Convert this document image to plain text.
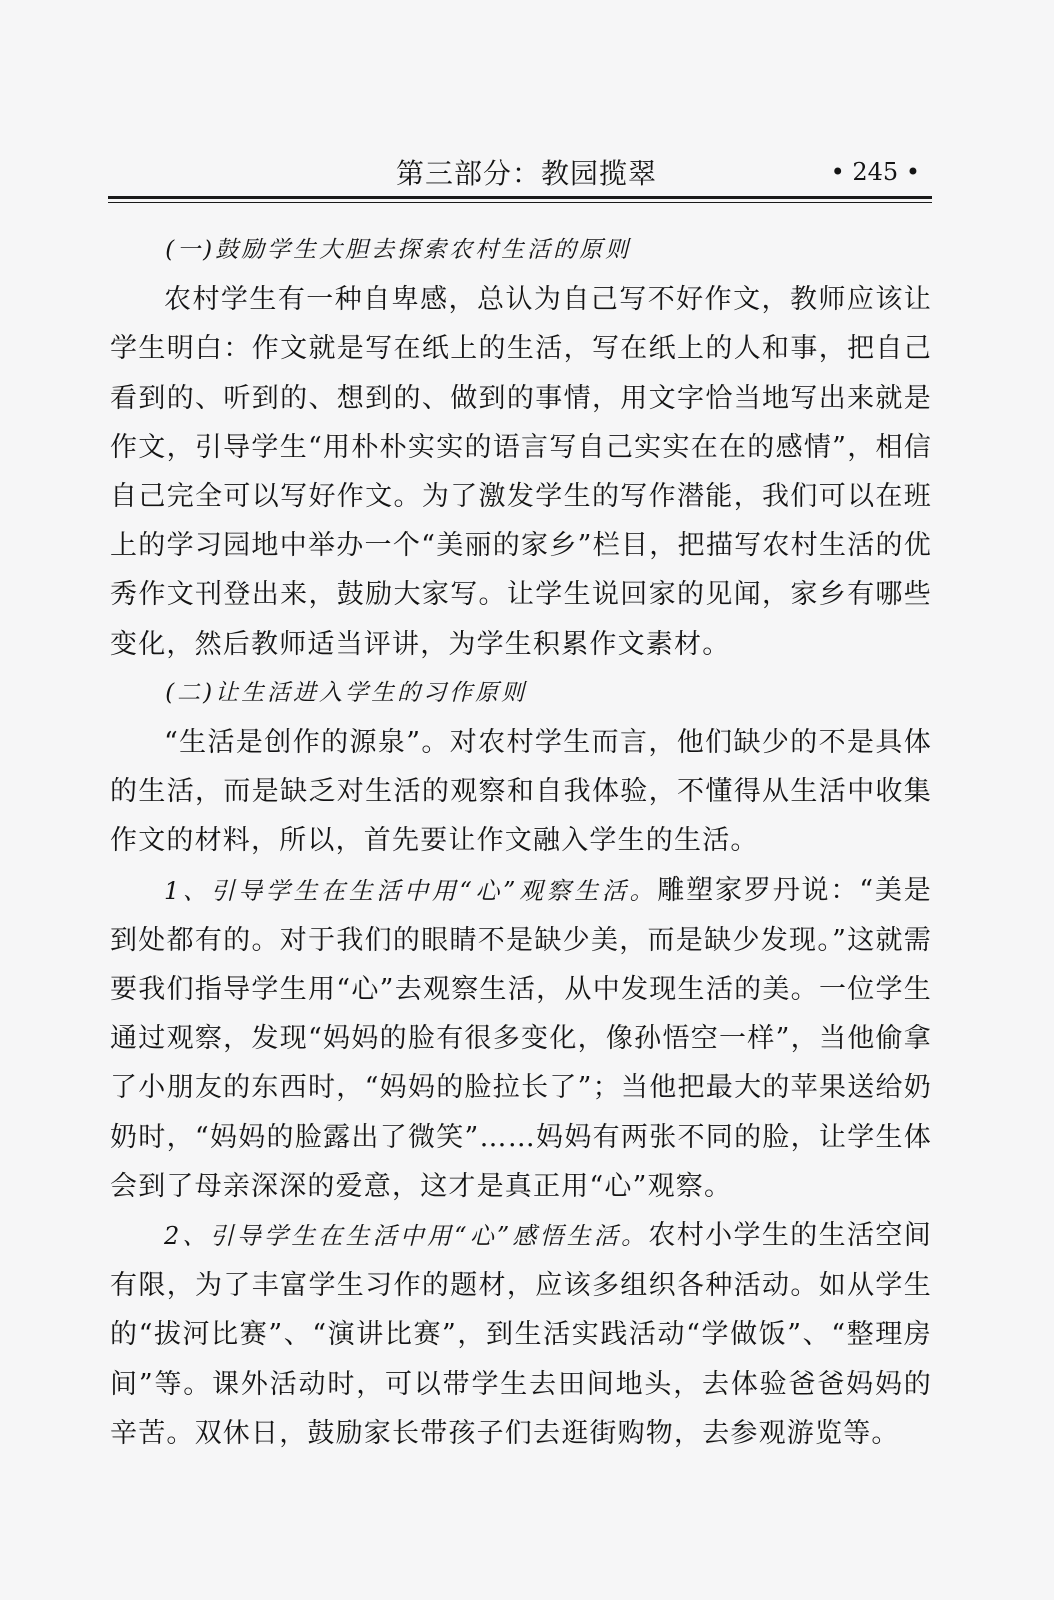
第三部分：教园揽翠	• 245 •

(一)鼓励学生大胆去探索农村生活的原则

农村学生有一种自卑感，总认为自己写不好作文，教师应该让学生明白：作文就是写在纸上的生活，写在纸上的人和事，把自己看到的、听到的、想到的、做到的事情，用文字恰当地写出来就是作文，引导学生“用朴朴实实的语言写自己实实在在的感情”，相信自己完全可以写好作文。为了激发学生的写作潜能，我们可以在班上的学习园地中举办一个“美丽的家乡”栏目，把描写农村生活的优秀作文刊登出来，鼓励大家写。让学生说回家的见闻，家乡有哪些变化，然后教师适当评讲，为学生积累作文素材。

(二)让生活进入学生的习作原则

“生活是创作的源泉”。对农村学生而言，他们缺少的不是具体的生活，而是缺乏对生活的观察和自我体验，不懂得从生活中收集作文的材料，所以，首先要让作文融入学生的生活。

1、引导学生在生活中用“心”观察生活。雕塑家罗丹说：“美是到处都有的。对于我们的眼睛不是缺少美，而是缺少发现。”这就需要我们指导学生用“心”去观察生活，从中发现生活的美。一位学生通过观察，发现“妈妈的脸有很多变化，像孙悟空一样”，当他偷拿了小朋友的东西时，“妈妈的脸拉长了”；当他把最大的苹果送给奶奶时，“妈妈的脸露出了微笑”……妈妈有两张不同的脸，让学生体会到了母亲深深的爱意，这才是真正用“心”观察。

2、引导学生在生活中用“心”感悟生活。农村小学生的生活空间有限，为了丰富学生习作的题材，应该多组织各种活动。如从学生的“拔河比赛”、“演讲比赛”，到生活实践活动“学做饭”、“整理房间”等。课外活动时，可以带学生去田间地头，去体验爸爸妈妈的辛苦。双休日，鼓励家长带孩子们去逛街购物，去参观游览等。
